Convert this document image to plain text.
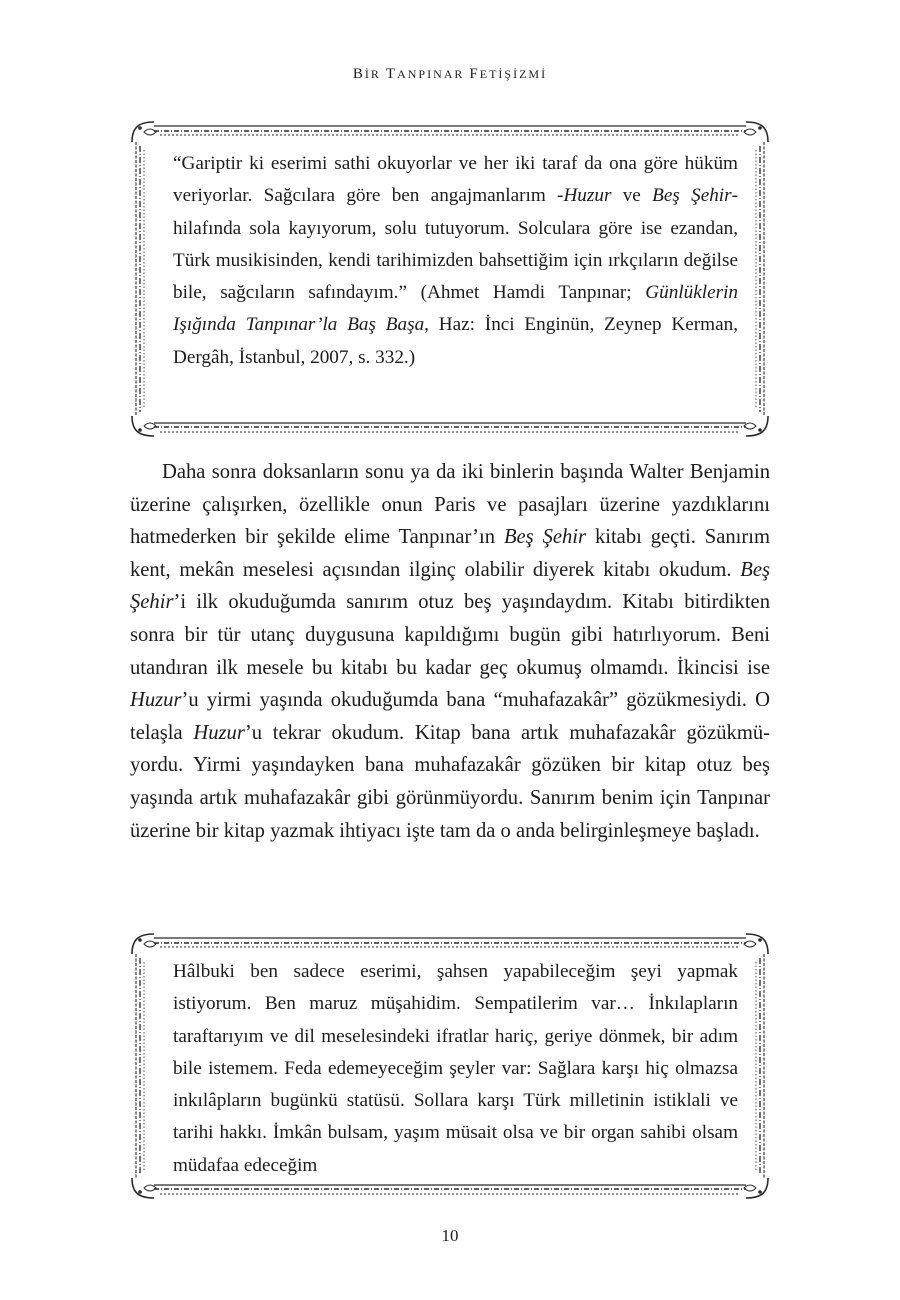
BİR TANPINAR FETİŞİZMİ
“Gariptir ki eserimi sathi okuyorlar ve her iki taraf da ona göre hüküm veriyorlar. Sağcılara göre ben angajmanlarım -Huzur ve Beş Şehir- hilafında sola kayıyorum, solu tutuyorum. Solculara göre ise ezandan, Türk musikisinden, kendi tarihimizden bahsettiğim için ırkçıların değilse bile, sağcıların safındayım.” (Ahmet Hamdi Tanpınar; Günlüklerin Işığında Tanpınar’la Baş Başa, Haz: İnci Enginün, Zeynep Kerman, Dergâh, İstanbul, 2007, s. 332.)

Daha sonra doksanların sonu ya da iki binlerin başında Walter Benjamin üzerine çalışırken, özellikle onun Paris ve pasajları üzerine yazdıklarını hatmederken bir şekilde elime Tanpınar’ın Beş Şehir kitabı geçti. Sanırım kent, mekân meselesi açısından ilginç olabilir diyerek kitabı okudum. Beş Şehir’i ilk okuduğumda sanırım otuz beş yaşındaydım. Kitabı bitirdikten sonra bir tür utanç duygusuna kapıldığımı bugün gibi hatırlıyorum. Beni utandıran ilk mesele bu kitabı bu kadar geç okumuş olmamdı. İkincisi ise Huzur’u yirmi yaşında okuduğumda bana “muhafazakâr” gözükmesiydi. O telaşla Huzur’u tekrar okudum. Kitap bana artık muhafazakâr gözükmüyordu. Yirmi yaşındayken bana muhafazakâr gözüken bir kitap otuz beş yaşında artık muhafazakâr gibi görünmüyordu. Sanırım benim için Tanpınar üzerine bir kitap yazmak ihtiyacı işte tam da o anda belirginleşmeye başladı.

Hâlbuki ben sadece eserimi, şahsen yapabileceğim şeyi yapmak istiyorum. Ben maruz müşahidim. Sempatilerim var… İnkılapların taraftarıyım ve dil meselesindeki ifratlar hariç, geriye dönmek, bir adım bile istemem. Feda edemeyeceğim şeyler var: Sağlara karşı hiç olmazsa inkılâpların bugünkü statüsü. Sollara karşı Türk milletinin istiklali ve tarihi hakkı. İmkân bulsam, yaşım müsait olsa ve bir organ sahibi olsam müdafaa edeceğim
10
